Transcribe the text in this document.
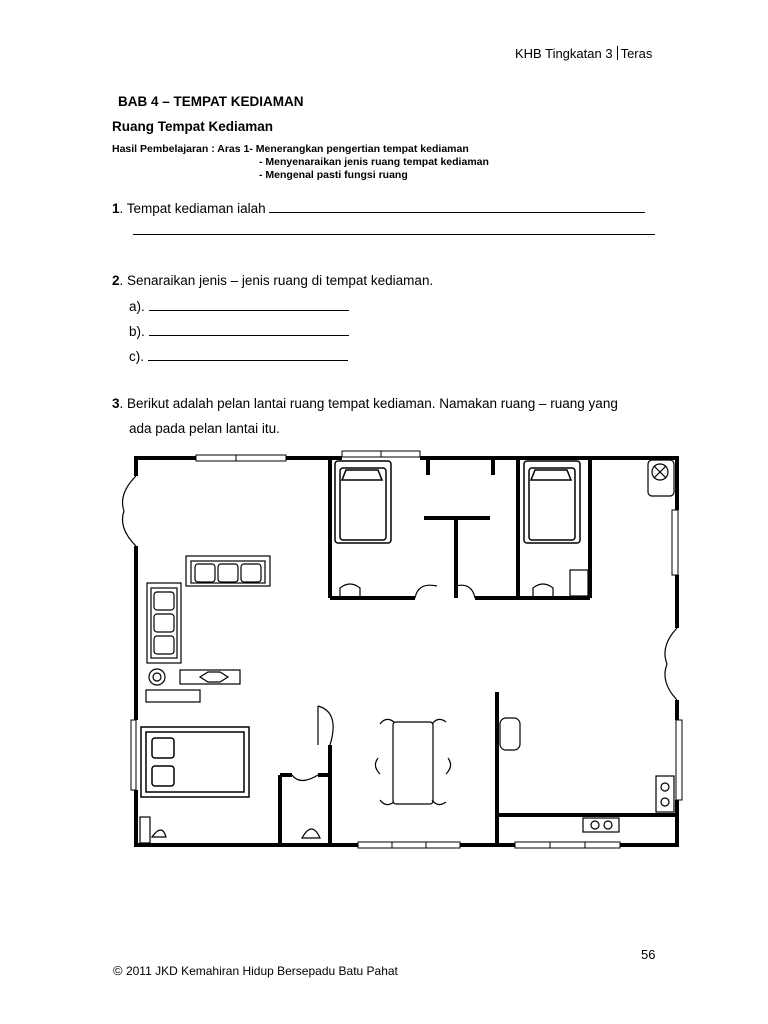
KHB Tingkatan 3 Teras
BAB 4 – TEMPAT KEDIAMAN
Ruang Tempat Kediaman
Hasil Pembelajaran : Aras 1- Menerangkan pengertian tempat kediaman
- Menyenaraikan jenis ruang tempat kediaman
- Mengenal pasti fungsi ruang
1. Tempat kediaman ialah
2. Senaraikan jenis – jenis ruang di tempat kediaman.
a).
b).
c).
3. Berikut adalah pelan lantai ruang tempat kediaman. Namakan ruang – ruang yang
ada pada pelan lantai itu.
56
© 2011 JKD Kemahiran Hidup Bersepadu Batu Pahat
